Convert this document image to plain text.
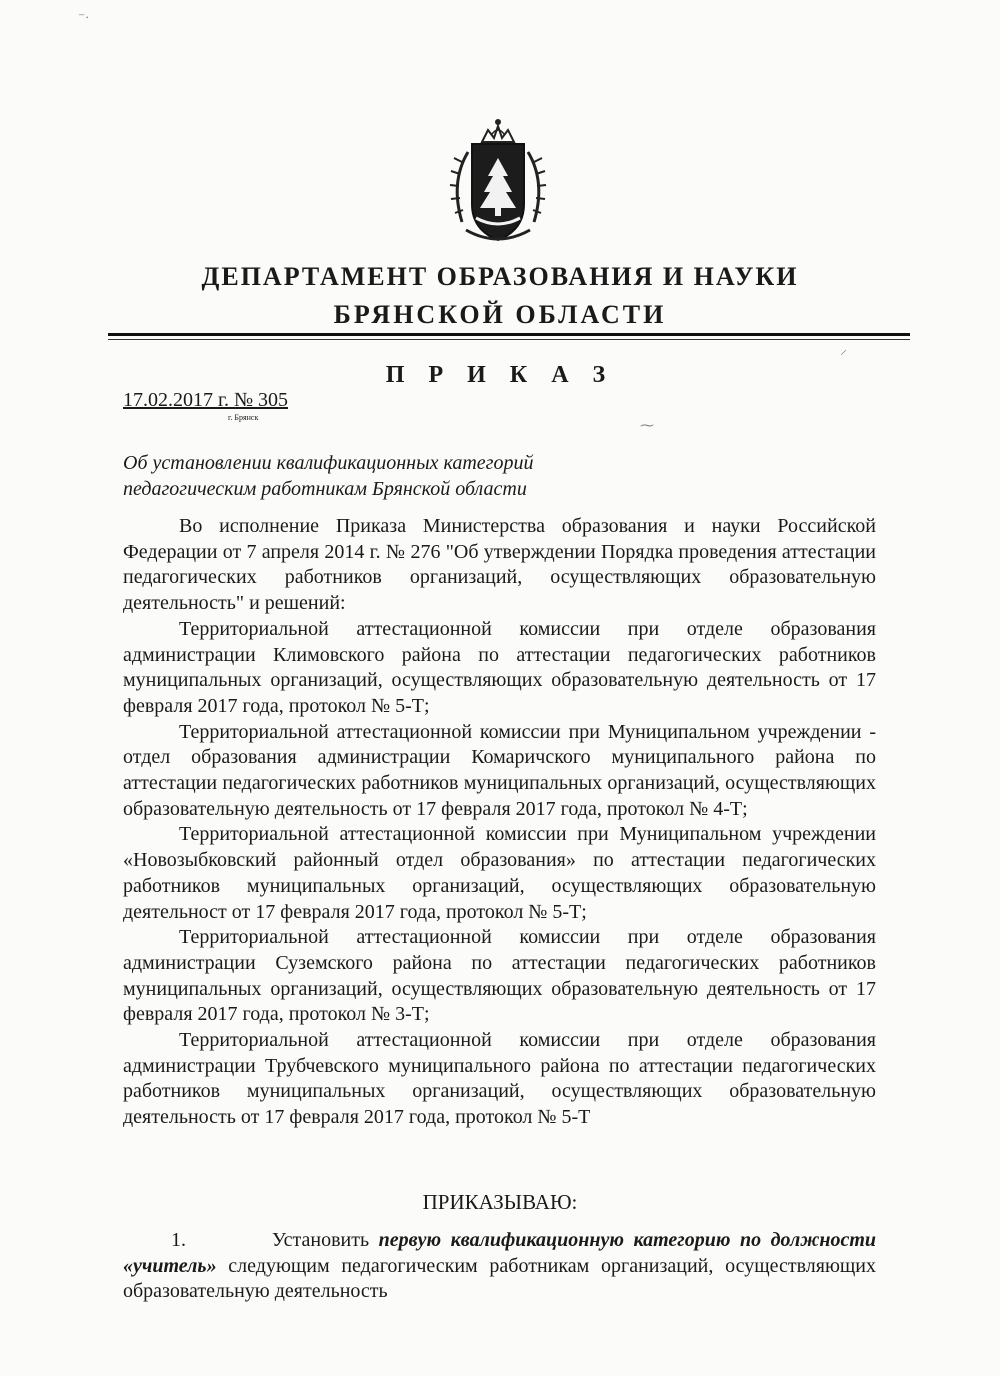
ДЕПАРТАМЕНТ ОБРАЗОВАНИЯ И НАУКИ
БРЯНСКОЙ ОБЛАСТИ
П Р И К А З

17.02.2017 г. № 305

г. Брянск

Об установлении квалификационных категорий
педагогическим работникам Брянской области

Во исполнение Приказа Министерства образования и науки Российской Федерации от 7 апреля 2014 г. № 276 "Об утверждении Порядка проведения аттестации педагогических работников организаций, осуществляющих образовательную деятельность" и решений:

Территориальной аттестационной комиссии при отделе образования администрации Климовского района по аттестации педагогических работников муниципальных организаций, осуществляющих образовательную деятельность от 17 февраля 2017 года, протокол № 5-Т;

Территориальной аттестационной комиссии при Муниципальном учреждении - отдел образования администрации Комаричского муниципального района по аттестации педагогических работников муниципальных организаций, осуществляющих образовательную деятельность от 17 февраля 2017 года, протокол № 4-Т;

Территориальной аттестационной комиссии при Муниципальном учреждении «Новозыбковский районный отдел образования» по аттестации педагогических работников муниципальных организаций, осуществляющих образовательную деятельност от 17 февраля 2017 года, протокол № 5-Т;

Территориальной аттестационной комиссии при отделе образования администрации Суземского района по аттестации педагогических работников муниципальных организаций, осуществляющих образовательную деятельность от 17 февраля 2017 года, протокол № 3-Т;

Территориальной аттестационной комиссии при отделе образования администрации Трубчевского муниципального района по аттестации педагогических работников муниципальных организаций, осуществляющих образовательную деятельность от 17 февраля 2017 года, протокол № 5-Т

ПРИКАЗЫВАЮ:

1.	Установить первую квалификационную категорию по должности «учитель» следующим педагогическим работникам организаций, осуществляющих образовательную деятельность

⁻∙
⸝
⁓
